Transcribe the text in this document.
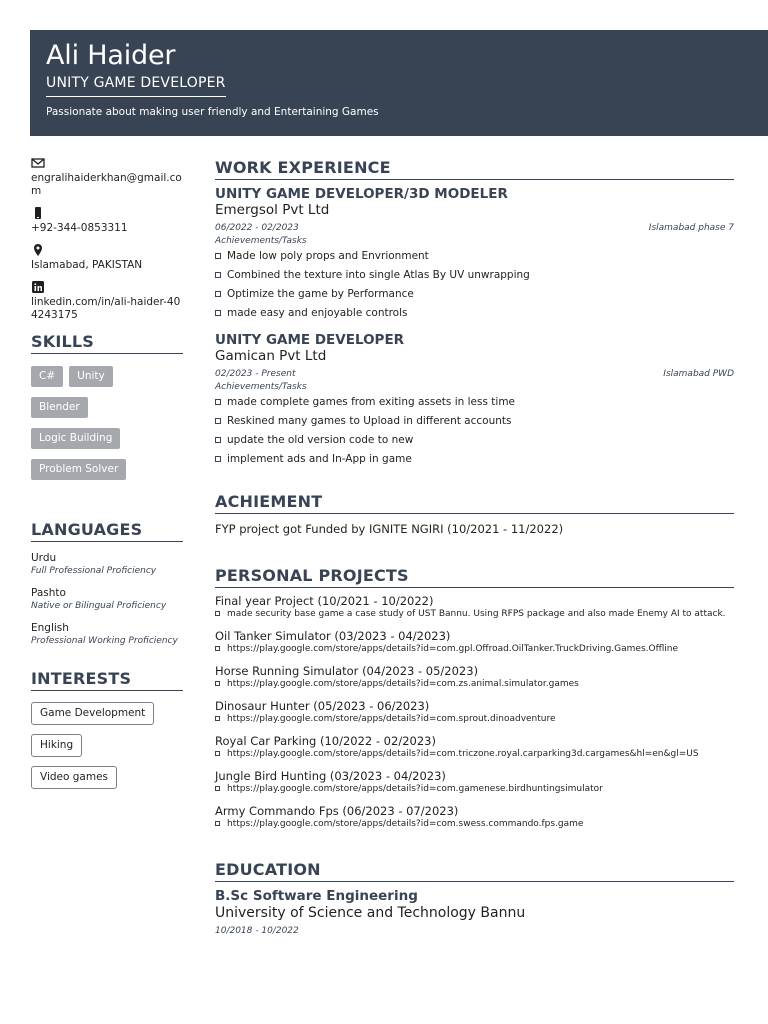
Ali Haider
UNITY GAME DEVELOPER
Passionate about making user friendly and Entertaining Games
engralihaiderkhan@gmail.com
+92-344-0853311
Islamabad, PAKISTAN
linkedin.com/in/ali-haider-404243175
SKILLS
C#	Unity
Blender
Logic Building
Problem Solver
LANGUAGES
Urdu
Full Professional Proficiency
Pashto
Native or Bilingual Proficiency
English
Professional Working Proficiency
INTERESTS
Game Development
Hiking
Video games
WORK EXPERIENCE
UNITY GAME DEVELOPER/3D MODELER
Emergsol Pvt Ltd
06/2022 - 02/2023	Islamabad phase 7
Achievements/Tasks
Made low poly props and Envrionment
Combined the texture into single Atlas By UV unwrapping
Optimize the game by Performance
made easy and enjoyable controls
UNITY GAME DEVELOPER
Gamican Pvt Ltd
02/2023 - Present	Islamabad PWD
Achievements/Tasks
made complete games from exiting assets in less time
Reskined many games to Upload in different accounts
update the old version code to new
implement ads and In-App in game
ACHIEMENT
FYP project got Funded by IGNITE NGIRI (10/2021 - 11/2022)
PERSONAL PROJECTS
Final year Project (10/2021 - 10/2022)
made security base game a case study of UST Bannu. Using RFPS package and also made Enemy AI to attack.
Oil Tanker Simulator (03/2023 - 04/2023)
https://play.google.com/store/apps/details?id=com.gpl.Offroad.OilTanker.TruckDriving.Games.Offline
Horse Running Simulator (04/2023 - 05/2023)
https://play.google.com/store/apps/details?id=com.zs.animal.simulator.games
Dinosaur Hunter (05/2023 - 06/2023)
https://play.google.com/store/apps/details?id=com.sprout.dinoadventure
Royal Car Parking (10/2022 - 02/2023)
https://play.google.com/store/apps/details?id=com.triczone.royal.carparking3d.cargames&hl=en&gl=US
Jungle Bird Hunting (03/2023 - 04/2023)
https://play.google.com/store/apps/details?id=com.gamenese.birdhuntingsimulator
Army Commando Fps (06/2023 - 07/2023)
https://play.google.com/store/apps/details?id=com.swess.commando.fps.game
EDUCATION
B.Sc Software Engineering
University of Science and Technology Bannu
10/2018 - 10/2022
